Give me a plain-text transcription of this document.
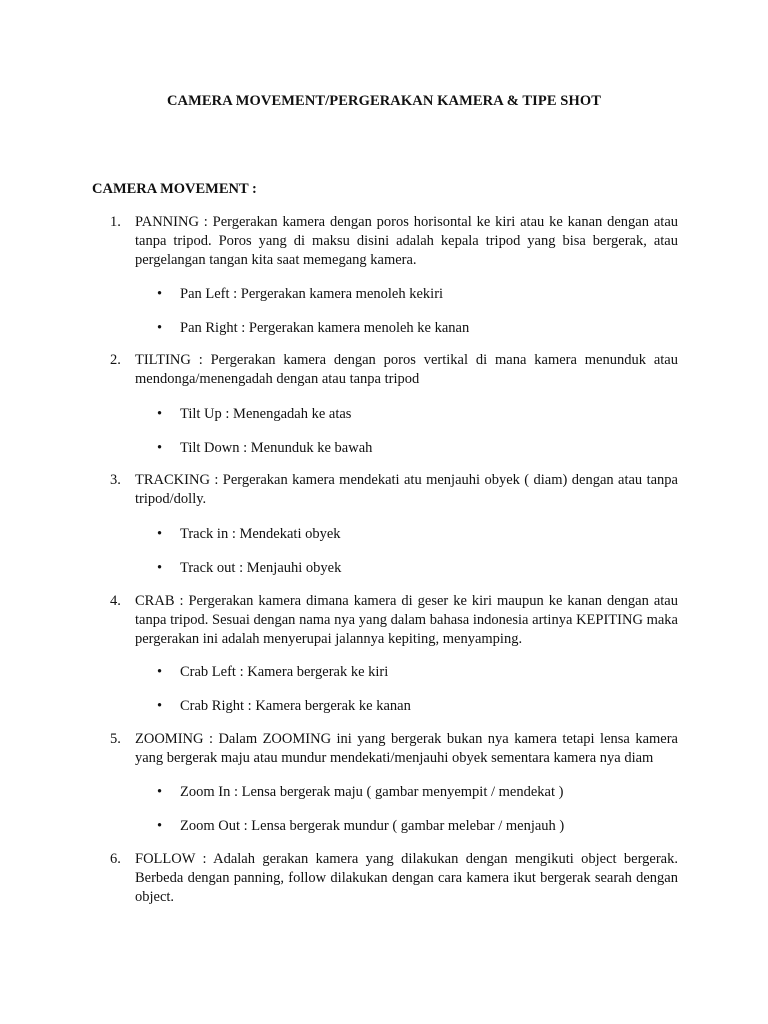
CAMERA MOVEMENT/PERGERAKAN KAMERA & TIPE SHOT
CAMERA MOVEMENT :
1. PANNING : Pergerakan kamera dengan poros horisontal ke kiri atau ke kanan dengan atau tanpa tripod. Poros yang di maksu disini adalah kepala tripod yang bisa bergerak, atau pergelangan tangan kita saat memegang kamera.
•	Pan Left : Pergerakan kamera menoleh kekiri
•	Pan Right : Pergerakan kamera menoleh ke kanan
2. TILTING : Pergerakan kamera dengan poros vertikal di mana kamera menunduk atau mendonga/menengadah dengan atau tanpa tripod
•	Tilt Up : Menengadah ke atas
•	Tilt Down : Menunduk ke bawah
3. TRACKING : Pergerakan kamera mendekati atu menjauhi obyek ( diam) dengan atau tanpa tripod/dolly.
•	Track in : Mendekati obyek
•	Track out : Menjauhi obyek
4. CRAB : Pergerakan kamera dimana kamera di geser ke kiri maupun ke kanan dengan atau tanpa tripod. Sesuai dengan nama nya yang dalam bahasa indonesia artinya KEPITING maka pergerakan ini adalah menyerupai jalannya kepiting, menyamping.
•	Crab Left : Kamera bergerak ke kiri
•	Crab Right : Kamera bergerak ke kanan
5. ZOOMING : Dalam ZOOMING ini yang bergerak bukan nya kamera tetapi lensa kamera yang bergerak maju atau mundur mendekati/menjauhi obyek sementara kamera nya diam
•	Zoom In : Lensa bergerak maju ( gambar menyempit / mendekat )
•	Zoom Out : Lensa bergerak mundur ( gambar melebar / menjauh )
6. FOLLOW : Adalah gerakan kamera yang dilakukan dengan mengikuti object bergerak. Berbeda dengan panning, follow dilakukan dengan cara kamera ikut bergerak searah dengan object.
